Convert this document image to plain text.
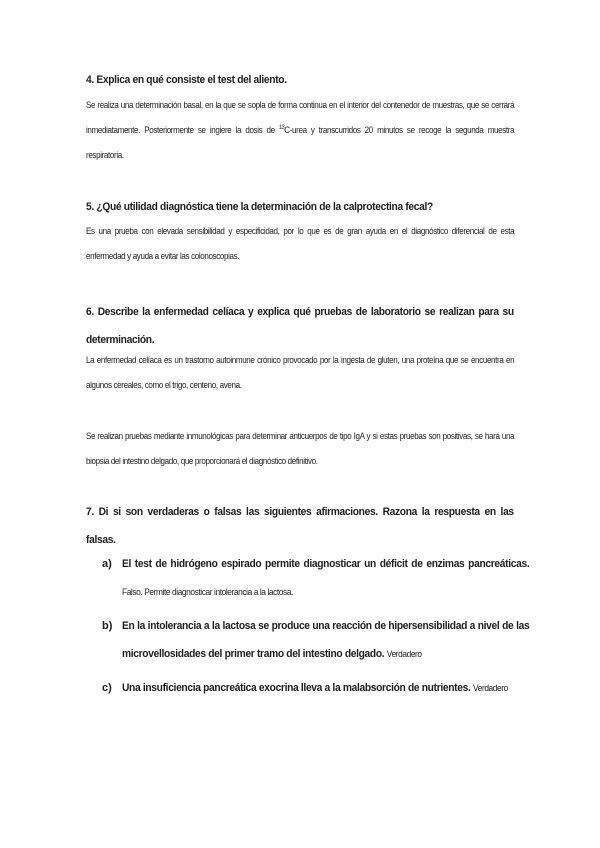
4. Explica en qué consiste el test del aliento.

Se realiza una determinación basal, en la que se sopla de forma continua en el interior del contenedor de muestras, que se cerrará inmediatamente. Posteriormente se ingiere la dosis de $^{13}$C-urea y transcurridos 20 minutos se recoge la segunda muestra respiratoria.

5. ¿Qué utilidad diagnóstica tiene la determinación de la calprotectina fecal?

Es una prueba con elevada sensibilidad y especificidad, por lo que es de gran ayuda en el diagnóstico diferencial de esta enfermedad y ayuda a evitar las colonoscopias.

6. Describe la enfermedad celíaca y explica qué pruebas de laboratorio se realizan para su determinación.

La enfermedad celíaca es un trastorno autoinmune crónico provocado por la ingesta de gluten, una proteína que se encuentra en algunos cereales, como el trigo, centeno, avena.

Se realizan pruebas mediante inmunológicas para determinar anticuerpos de tipo IgA y si estas pruebas son positivas, se hará una biopsia del intestino delgado, que proporcionará el diagnóstico definitivo.

7. Di si son verdaderas o falsas las siguientes afirmaciones. Razona la respuesta en las falsas.
a) El test de hidrógeno espirado permite diagnosticar un déficit de enzimas pancreáticas. Falso. Permite diagnosticar intolerancia a la lactosa.
b) En la intolerancia a la lactosa se produce una reacción de hipersensibilidad a nivel de las microvellosidades del primer tramo del intestino delgado. Verdadero
c) Una insuficiencia pancreática exocrina lleva a la malabsorción de nutrientes. Verdadero
